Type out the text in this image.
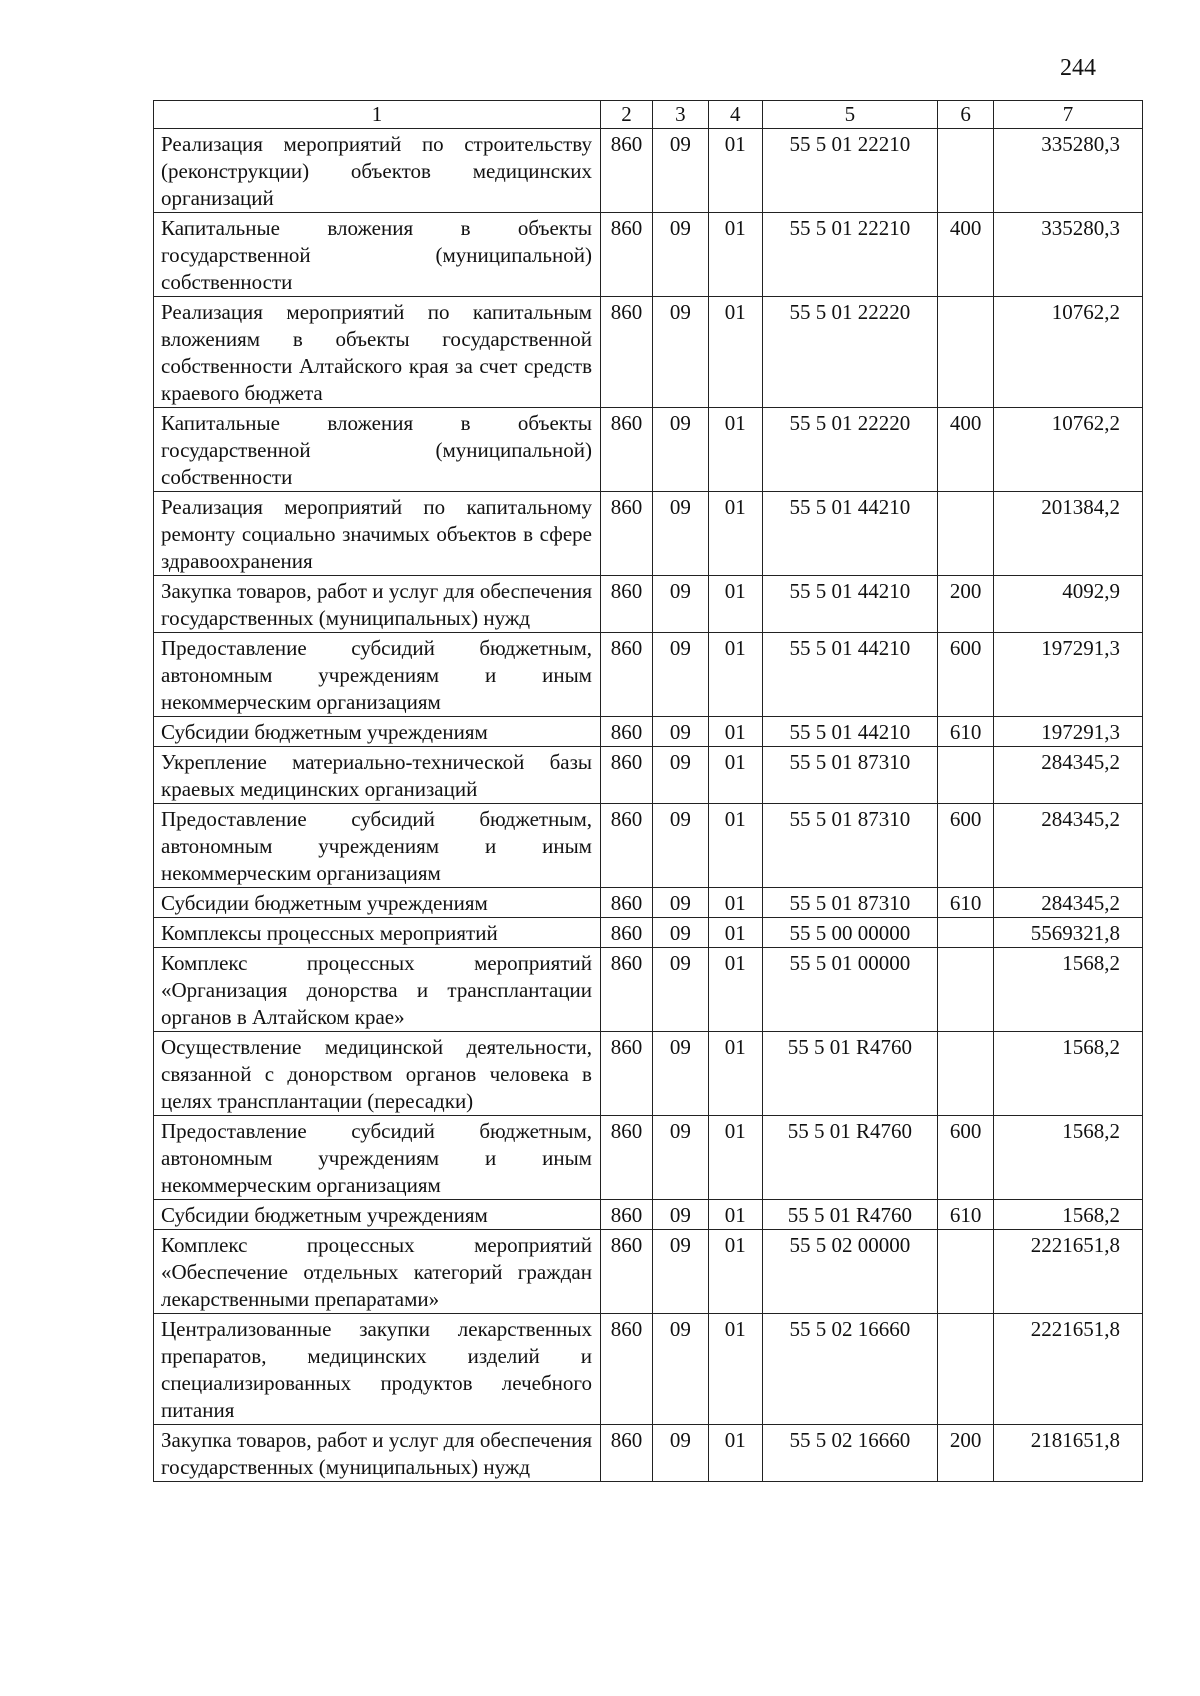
244
1	2	3	4	5	6	7
Реализация мероприятий по строительству (реконструкции) объектов медицинских организаций	860	09	01	55 5 01 22210		335280,3
Капитальные вложения в объекты государственной (муниципальной) собственности	860	09	01	55 5 01 22210	400	335280,3
Реализация мероприятий по капитальным вложениям в объекты государственной собственности Алтайского края за счет средств краевого бюджета	860	09	01	55 5 01 22220		10762,2
Капитальные вложения в объекты государственной (муниципальной) собственности	860	09	01	55 5 01 22220	400	10762,2
Реализация мероприятий по капитальному ремонту социально значимых объектов в сфере здравоохранения	860	09	01	55 5 01 44210		201384,2
Закупка товаров, работ и услуг для обеспечения государственных (муниципальных) нужд	860	09	01	55 5 01 44210	200	4092,9
Предоставление субсидий бюджетным, автономным учреждениям и иным некоммерческим организациям	860	09	01	55 5 01 44210	600	197291,3
Субсидии бюджетным учреждениям	860	09	01	55 5 01 44210	610	197291,3
Укрепление материально-технической базы краевых медицинских организаций	860	09	01	55 5 01 87310		284345,2
Предоставление субсидий бюджетным, автономным учреждениям и иным некоммерческим организациям	860	09	01	55 5 01 87310	600	284345,2
Субсидии бюджетным учреждениям	860	09	01	55 5 01 87310	610	284345,2
Комплексы процессных мероприятий	860	09	01	55 5 00 00000		5569321,8
Комплекс процессных мероприятий «Организация донорства и трансплантации органов в Алтайском крае»	860	09	01	55 5 01 00000		1568,2
Осуществление медицинской деятельности, связанной с донорством органов человека в целях трансплантации (пересадки)	860	09	01	55 5 01 R4760		1568,2
Предоставление субсидий бюджетным, автономным учреждениям и иным некоммерческим организациям	860	09	01	55 5 01 R4760	600	1568,2
Субсидии бюджетным учреждениям	860	09	01	55 5 01 R4760	610	1568,2
Комплекс процессных мероприятий «Обеспечение отдельных категорий граждан лекарственными препаратами»	860	09	01	55 5 02 00000		2221651,8
Централизованные закупки лекарственных препаратов, медицинских изделий и специализированных продуктов лечебного питания	860	09	01	55 5 02 16660		2221651,8
Закупка товаров, работ и услуг для обеспечения государственных (муниципальных) нужд	860	09	01	55 5 02 16660	200	2181651,8
